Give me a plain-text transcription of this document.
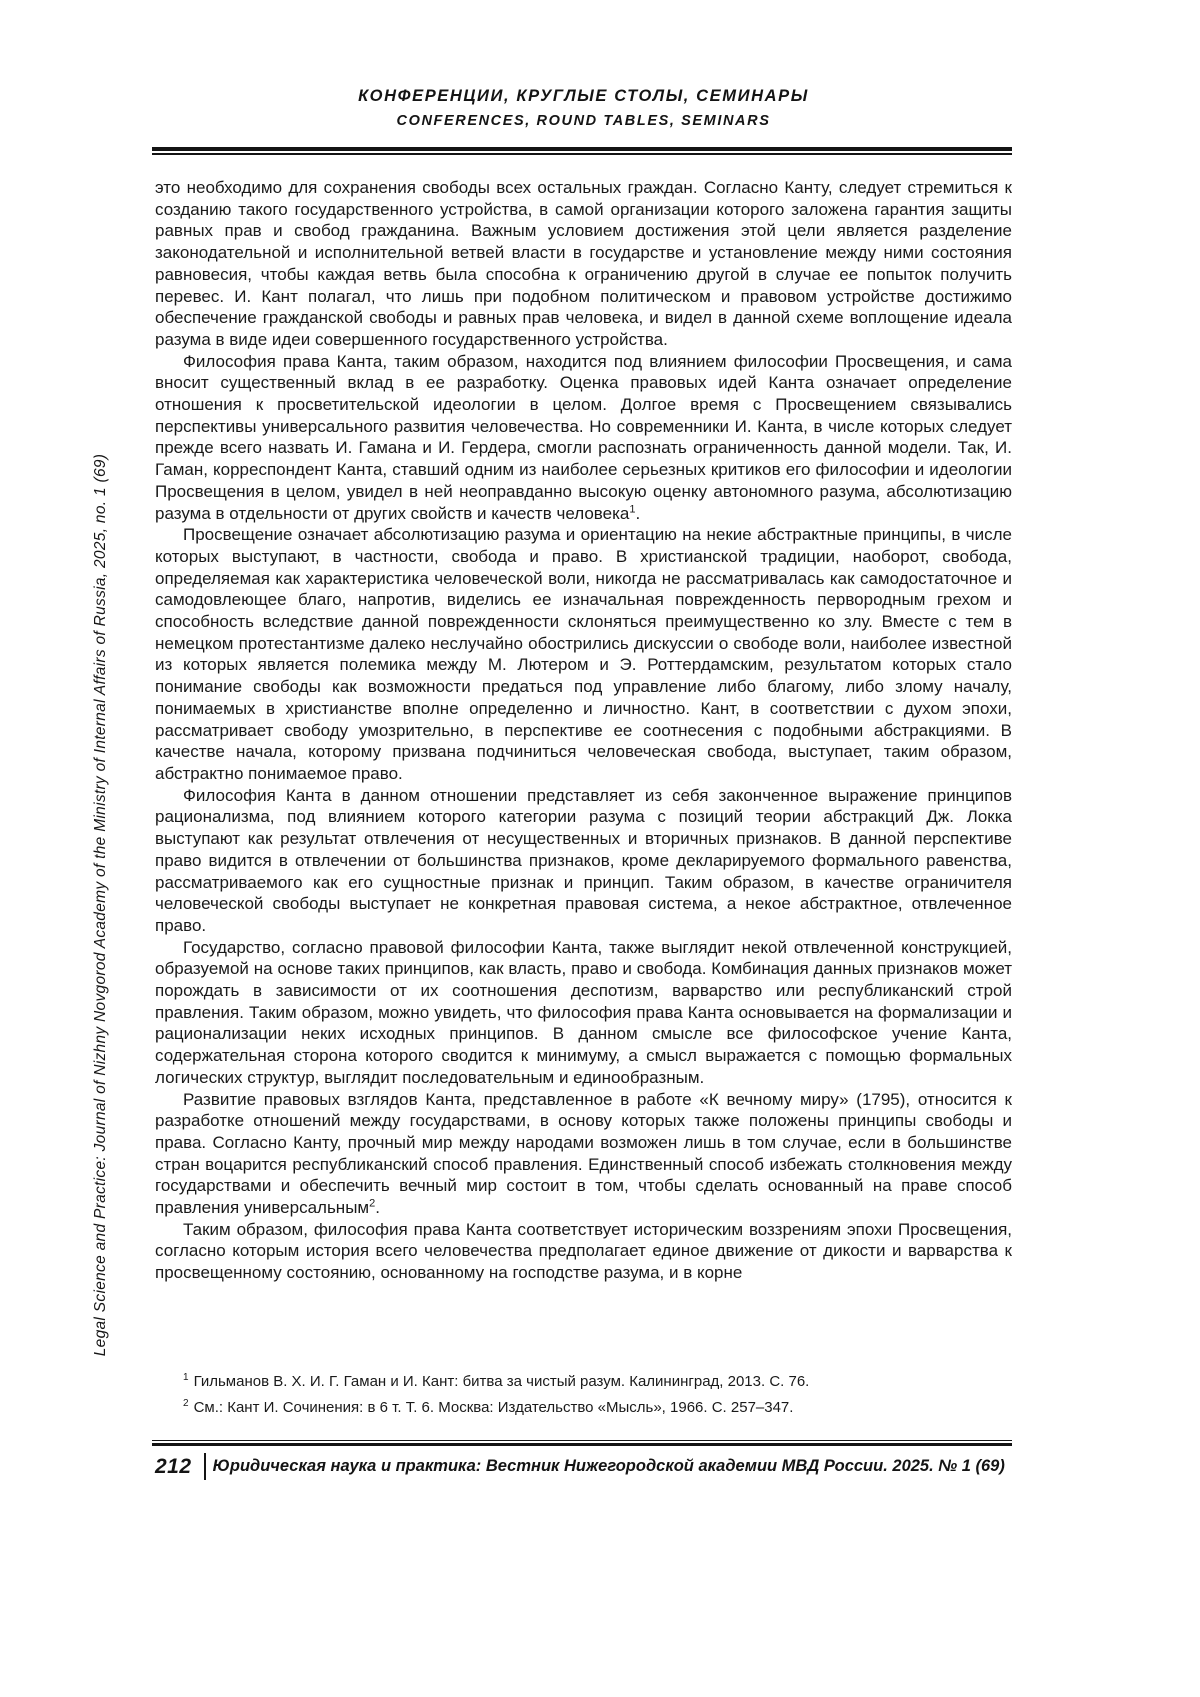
КОНФЕРЕНЦИИ, КРУГЛЫЕ СТОЛЫ, СЕМИНАРЫ
CONFERENCES, ROUND TABLES, SEMINARS
Legal Science and Practice: Journal of Nizhny Novgorod Academy of the Ministry of Internal Affairs of Russia, 2025, no. 1 (69)

это необходимо для сохранения свободы всех остальных граждан. Согласно Канту, следует стремиться к созданию такого государственного устройства, в самой организации которого заложена гарантия защиты равных прав и свобод гражданина. Важным условием достижения этой цели является разделение законодательной и исполнительной ветвей власти в государстве и установление между ними состояния равновесия, чтобы каждая ветвь была способна к ограничению другой в случае ее попыток получить перевес. И. Кант полагал, что лишь при подобном политическом и правовом устройстве достижимо обеспечение гражданской свободы и равных прав человека, и видел в данной схеме воплощение идеала разума в виде идеи совершенного государственного устройства.

Философия права Канта, таким образом, находится под влиянием философии Просвещения, и сама вносит существенный вклад в ее разработку. Оценка правовых идей Канта означает определение отношения к просветительской идеологии в целом. Долгое время с Просвещением связывались перспективы универсального развития человечества. Но современники И. Канта, в числе которых следует прежде всего назвать И. Гамана и И. Гердера, смогли распознать ограниченность данной модели. Так, И. Гаман, корреспондент Канта, ставший одним из наиболее серьезных критиков его философии и идеологии Просвещения в целом, увидел в ней неоправданно высокую оценку автономного разума, абсолютизацию разума в отдельности от других свойств и качеств человека$^1$.

Просвещение означает абсолютизацию разума и ориентацию на некие абстрактные принципы, в числе которых выступают, в частности, свобода и право. В христианской традиции, наоборот, свобода, определяемая как характеристика человеческой воли, никогда не рассматривалась как самодостаточное и самодовлеющее благо, напротив, виделись ее изначальная поврежденность первородным грехом и способность вследствие данной поврежденности склоняться преимущественно ко злу. Вместе с тем в немецком протестантизме далеко неслучайно обострились дискуссии о свободе воли, наиболее известной из которых является полемика между М. Лютером и Э. Роттердамским, результатом которых стало понимание свободы как возможности предаться под управление либо благому, либо злому началу, понимаемых в христианстве вполне определенно и личностно. Кант, в соответствии с духом эпохи, рассматривает свободу умозрительно, в перспективе ее соотнесения с подобными абстракциями. В качестве начала, которому призвана подчиниться человеческая свобода, выступает, таким образом, абстрактно понимаемое право.

Философия Канта в данном отношении представляет из себя законченное выражение принципов рационализма, под влиянием которого категории разума с позиций теории абстракций Дж. Локка выступают как результат отвлечения от несущественных и вторичных признаков. В данной перспективе право видится в отвлечении от большинства признаков, кроме декларируемого формального равенства, рассматриваемого как его сущностные признак и принцип. Таким образом, в качестве ограничителя человеческой свободы выступает не конкретная правовая система, а некое абстрактное, отвлеченное право.

Государство, согласно правовой философии Канта, также выглядит некой отвлеченной конструкцией, образуемой на основе таких принципов, как власть, право и свобода. Комбинация данных признаков может порождать в зависимости от их соотношения деспотизм, варварство или республиканский строй правления. Таким образом, можно увидеть, что философия права Канта основывается на формализации и рационализации неких исходных принципов. В данном смысле все философское учение Канта, содержательная сторона которого сводится к минимуму, а смысл выражается с помощью формальных логических структур, выглядит последовательным и единообразным.

Развитие правовых взглядов Канта, представленное в работе «К вечному миру» (1795), относится к разработке отношений между государствами, в основу которых также положены принципы свободы и права. Согласно Канту, прочный мир между народами возможен лишь в том случае, если в большинстве стран воцарится республиканский способ правления. Единственный способ избежать столкновения между государствами и обеспечить вечный мир состоит в том, чтобы сделать основанный на праве способ правления универсальным$^2$.

Таким образом, философия права Канта соответствует историческим воззрениям эпохи Просвещения, согласно которым история всего человечества предполагает единое движение от дикости и варварства к просвещенному состоянию, основанному на господстве разума, и в корне

$^1$ Гильманов В. Х. И. Г. Гаман и И. Кант: битва за чистый разум. Калининград, 2013. С. 76.

$^2$ См.: Кант И. Сочинения: в 6 т. Т. 6. Москва: Издательство «Мысль», 1966. С. 257–347.

212	Юридическая наука и практика: Вестник Нижегородской академии МВД России. 2025. № 1 (69)
